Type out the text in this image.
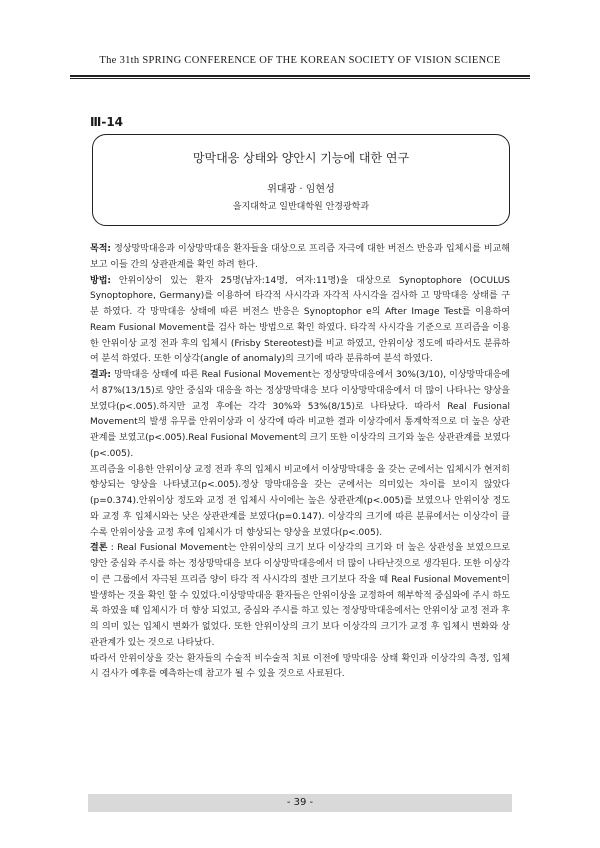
The 31th SPRING CONFERENCE OF THE KOREAN SOCIETY OF VISION SCIENCE
Ⅲ-14
망막대응 상태와 양안시 기능에 대한 연구
위대광 · 임현성
을지대학교 일반대학원 안경광학과

목적: 정상망막대응과 이상망막대응 환자들을 대상으로 프리즘 자극에 대한 버전스 반응과 입체시를 비교해 보고 이들 간의 상관관계를 확인 하려 한다.

방법: 안위이상이 있는 환자 25명(남자:14명, 여자:11명)을 대상으로 Synoptophore (OCULUS Synoptophore, Germany)를 이용하여 타각적 사시각과 자각적 사시각을 검사하 고 망막대응 상태를 구분 하였다. 각 망막대응 상태에 따른 버전스 반응은 Synoptophor e의 After Image Test를 이용하여 Ream Fusional Movement를 검사 하는 방법으로 확인 하였다. 타각적 사시각을 기준으로 프리즘을 이용한 안위이상 교정 전과 후의 입체시 (Frisby Stereotest)를 비교 하였고, 안위이상 정도에 따라서도 분류하여 분석 하였다. 또한 이상각(angle of anomaly)의 크기에 따라 분류하여 분석 하였다.

결과: 망막대응 상태에 따른 Real Fusional Movement는 정상망막대응에서 30%(3/10), 이상망막대응에서 87%(13/15)로 양안 중심와 대응을 하는 정상망막대응 보다 이상망막대응에서 더 많이 나타나는 양상을 보였다(p<.005).하지만 교정 후에는 각각 30%와 53%(8/15)로 나타났다. 따라서 Real Fusional Movement의 발생 유무를 안위이상과 이 상각에 따라 비교한 결과 이상각에서 통계학적으로 더 높은 상관관계를 보였고(p<.005).Real Fusional Movement의 크기 또한 이상각의 크기와 높은 상관관계를 보였다 (p<.005).

프리즘을 이용한 안위이상 교정 전과 후의 입체시 비교에서 이상망막대응 을 갖는 군에서는 입체시가 현저히 향상되는 양상을 나타냈고(p<.005).정상 망막대응을 갖는 군에서는 의미있는 차이를 보이지 않았다(p=0.374).안위이상 정도와 교정 전 입체시 사이에는 높은 상관관계(p<.005)를 보였으나 안위이상 정도와 교정 후 입체시와는 낮은 상관관계를 보였다(p=0.147). 이상각의 크기에 따른 분류에서는 이상각이 클 수록 안위이상을 교정 후에 입체시가 더 향상되는 양상을 보였다(p<.005).

결론 : Real Fusional Movement는 안위이상의 크기 보다 이상각의 크기와 더 높은 상관성을 보였으므로 양안 중심와 주시를 하는 정상망막대응 보다 이상망막대응에서 더 많이 나타난것으로 생각된다. 또한 이상각이 큰 그룹에서 자극된 프리즘 양이 타각 적 사시각의 절반 크기보다 작을 때 Real Fusional Movement이 발생하는 것을 확인 할 수 있었다.이상망막대응 환자들은 안위이상을 교정하여 해부학적 중심와에 주시 하도 록 하였을 때 입체시가 더 향상 되었고, 중심와 주시를 하고 있는 정상망막대응에서는 안위이상 교정 전과 후의 의미 있는 입체시 변화가 없었다. 또한 안위이상의 크기 보다 이상각의 크기가 교정 후 입체시 변화와 상관관계가 있는 것으로 나타났다.

따라서 안위이상을 갖는 환자들의 수술적 비수술적 치료 이전에 망막대응 상태 확인과 이상각의 측정, 입체시 검사가 예후를 예측하는데 참고가 될 수 있을 것으로 사료된다.

- 39 -
